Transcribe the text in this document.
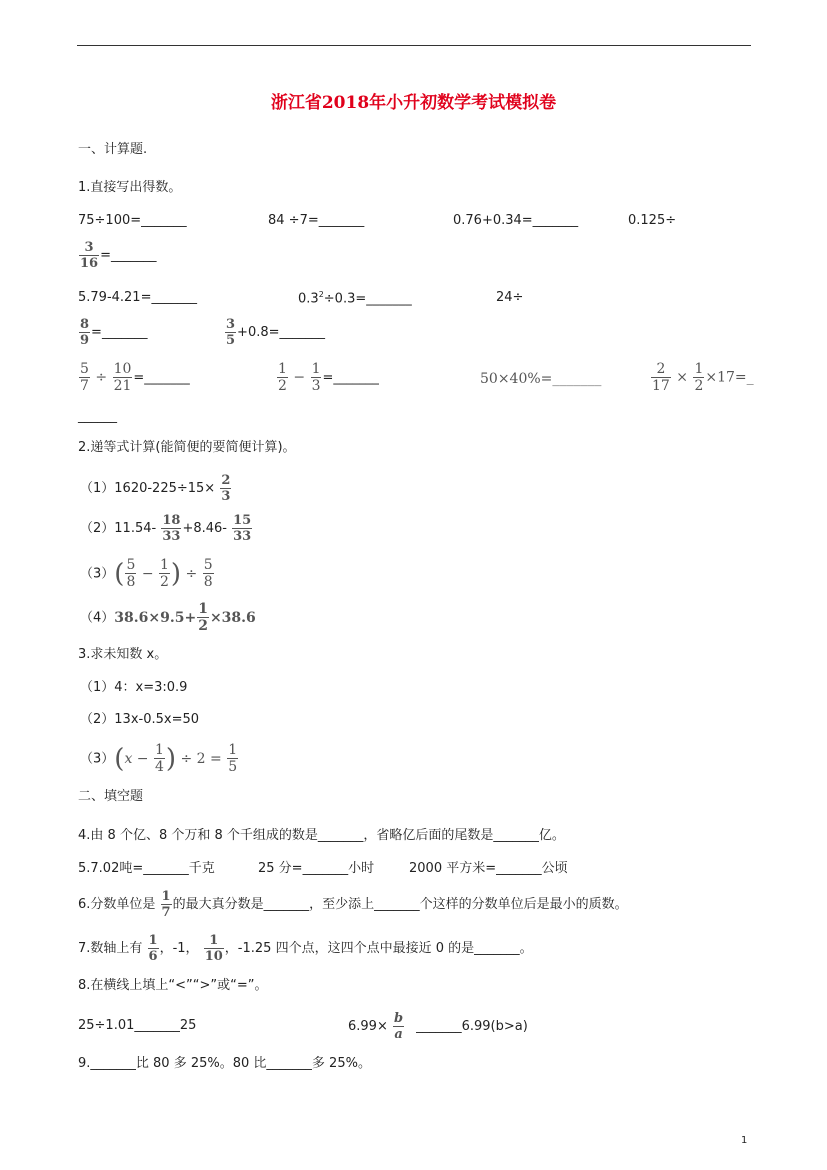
浙江省2018年小升初数学考试模拟卷
一、计算题.
1.直接写出得数。
75÷100=_______	84 ÷7=_______	0.76+0.34=_______	0.125÷
$\frac{3}{16}$ =_______
5.79-4.21=_______	$0.3^2\div 0.3=\_\_\_\_\_\_\_$	24÷
$\frac{8}{9}$ =_______	$\frac{3}{5}$ +0.8=_______
$\frac{5}{7} \div \frac{10}{21}$ =_______	$\frac{1}{2} - \frac{1}{3}$ =_______	50×40%=_______	$\frac{2}{17} \times \frac{1}{2}$ ×17=_
______
2.递等式计算(能简便的要简便计算)。
$(1)1620-225\div 15\times \frac{2}{3}$
$(2)11.54- \frac{18}{33} +8.46- \frac{15}{33}$
$(3)( \frac{5}{8} - \frac{1}{2}$ ) ÷ $\frac{5}{8}$
$(4)38.6\times 9.5+ \frac{1}{2} \times 38.6$
3.求未知数 x。
（1）4：x=3:0.9
（2）13x-0.5x=50
$(3)(x - \frac{1}{4}$ ) ÷ $2 = \frac{1}{5}$
二、填空题
4.由 8 个亿、8 个万和 8 个千组成的数是_______，省略亿后面的尾数是_______亿。
5.7.02吨=_______千克	25 分=_______小时	2000 平方米=_______公顷
6.分数单位是 $\frac{1}{7}$ 的最大真分数是_______，至少添上_______个这样的分数单位后是最小的质数。
7.数轴上有 $\frac{1}{6}$ ，-1， $\frac{1}{10}$ ，-1.25 四个点，这四个点中最接近 0 的是_______。
8.在横线上填上“<”“>”或“=”。
25÷1.01_______25	$6.99\times \frac{b}{a}$ _______6.99(b>a)
9._______比 80 多 25%。80 比_______多 25%。
1
